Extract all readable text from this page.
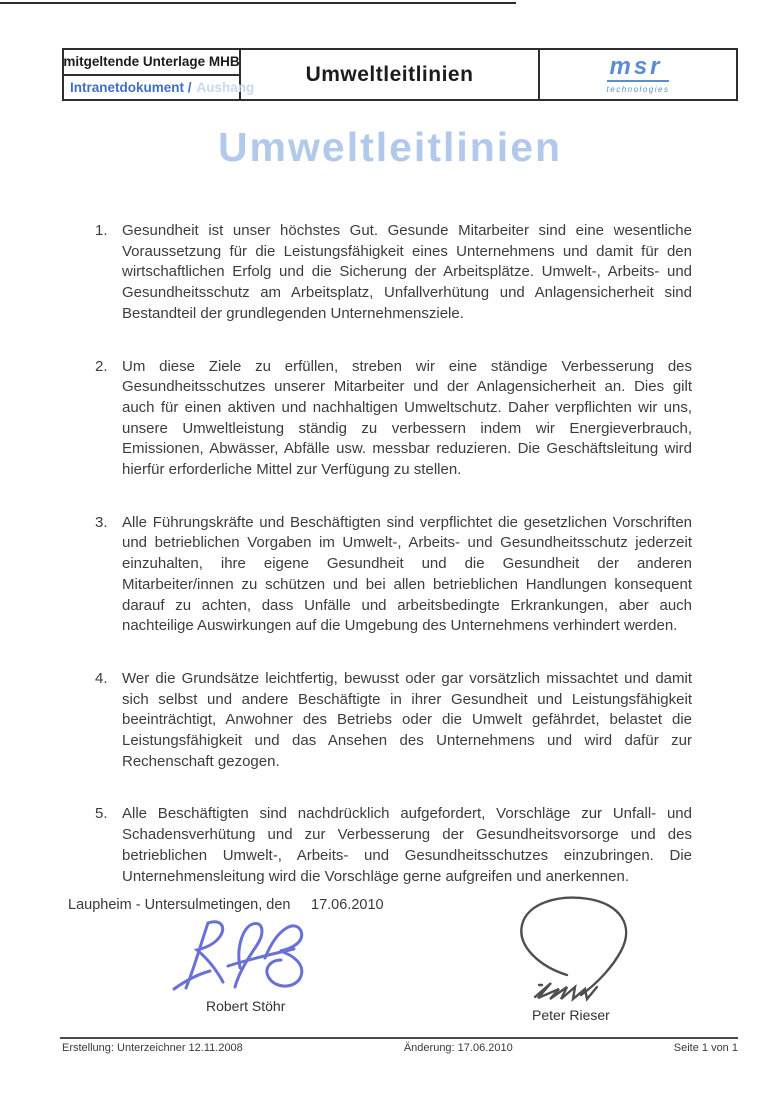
mitgeltende Unterlage MHB
Intranetdokument / Aushang
Umweltleitlinien	msr
technologies
Umweltleitlinien
1. Gesundheit ist unser höchstes Gut. Gesunde Mitarbeiter sind eine wesentliche Voraussetzung für die Leistungsfähigkeit eines Unternehmens und damit für den wirtschaftlichen Erfolg und die Sicherung der Arbeitsplätze. Umwelt-, Arbeits- und Gesundheitsschutz am Arbeitsplatz, Unfallverhütung und Anlagensicherheit sind Bestandteil der grundlegenden Unternehmensziele.
2. Um diese Ziele zu erfüllen, streben wir eine ständige Verbesserung des Gesundheitsschutzes unserer Mitarbeiter und der Anlagensicherheit an. Dies gilt auch für einen aktiven und nachhaltigen Umweltschutz. Daher verpflichten wir uns, unsere Umweltleistung ständig zu verbessern indem wir Energieverbrauch, Emissionen, Abwässer, Abfälle usw. messbar reduzieren. Die Geschäftsleitung wird hierfür erforderliche Mittel zur Verfügung zu stellen.
3. Alle Führungskräfte und Beschäftigten sind verpflichtet die gesetzlichen Vorschriften und betrieblichen Vorgaben im Umwelt-, Arbeits- und Gesundheitsschutz jederzeit einzuhalten, ihre eigene Gesundheit und die Gesundheit der anderen Mitarbeiter/innen zu schützen und bei allen betrieblichen Handlungen konsequent darauf zu achten, dass Unfälle und arbeitsbedingte Erkrankungen, aber auch nachteilige Auswirkungen auf die Umgebung des Unternehmens verhindert werden.
4. Wer die Grundsätze leichtfertig, bewusst oder gar vorsätzlich missachtet und damit sich selbst und andere Beschäftigte in ihrer Gesundheit und Leistungsfähigkeit beeinträchtigt, Anwohner des Betriebs oder die Umwelt gefährdet, belastet die Leistungsfähigkeit und das Ansehen des Unternehmens und wird dafür zur Rechenschaft gezogen.
5. Alle Beschäftigten sind nachdrücklich aufgefordert, Vorschläge zur Unfall- und Schadensverhütung und zur Verbesserung der Gesundheitsvorsorge und des betrieblichen Umwelt-, Arbeits- und Gesundheitsschutzes einzubringen. Die Unternehmensleitung wird die Vorschläge gerne aufgreifen und anerkennen.
Laupheim - Untersulmetingen, den 17.06.2010
Robert Stöhr
Peter Rieser
Erstellung: Unterzeichner 12.11.2008	Änderung: 17.06.2010	Seite 1 von 1
